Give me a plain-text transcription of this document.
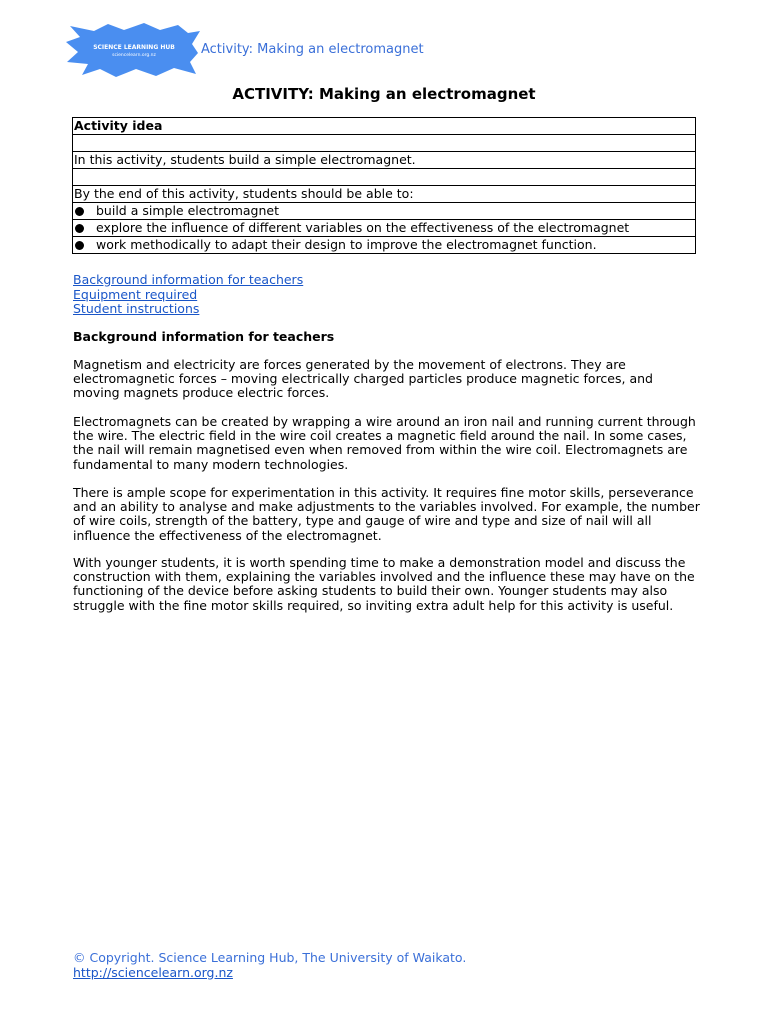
SCIENCE LEARNING HUB
sciencelearn.org.nz	Activity: Making an electromagnet
ACTIVITY: Making an electromagnet
Activity idea
In this activity, students build a simple electromagnet.
By the end of this activity, students should be able to:
build a simple electromagnet
explore the influence of different variables on the effectiveness of the electromagnet
work methodically to adapt their design to improve the electromagnet function.
Background information for teachers
Equipment required
Student instructions
Background information for teachers

Magnetism and electricity are forces generated by the movement of electrons. They are electromagnetic forces – moving electrically charged particles produce magnetic forces, and moving magnets produce electric forces.

Electromagnets can be created by wrapping a wire around an iron nail and running current through the wire. The electric field in the wire coil creates a magnetic field around the nail. In some cases, the nail will remain magnetised even when removed from within the wire coil. Electromagnets are fundamental to many modern technologies.

There is ample scope for experimentation in this activity. It requires fine motor skills, perseverance and an ability to analyse and make adjustments to the variables involved. For example, the number of wire coils, strength of the battery, type and gauge of wire and type and size of nail will all influence the effectiveness of the electromagnet.

With younger students, it is worth spending time to make a demonstration model and discuss the construction with them, explaining the variables involved and the influence these may have on the functioning of the device before asking students to build their own. Younger students may also struggle with the fine motor skills required, so inviting extra adult help for this activity is useful.

© Copyright. Science Learning Hub, The University of Waikato.
http://sciencelearn.org.nz
